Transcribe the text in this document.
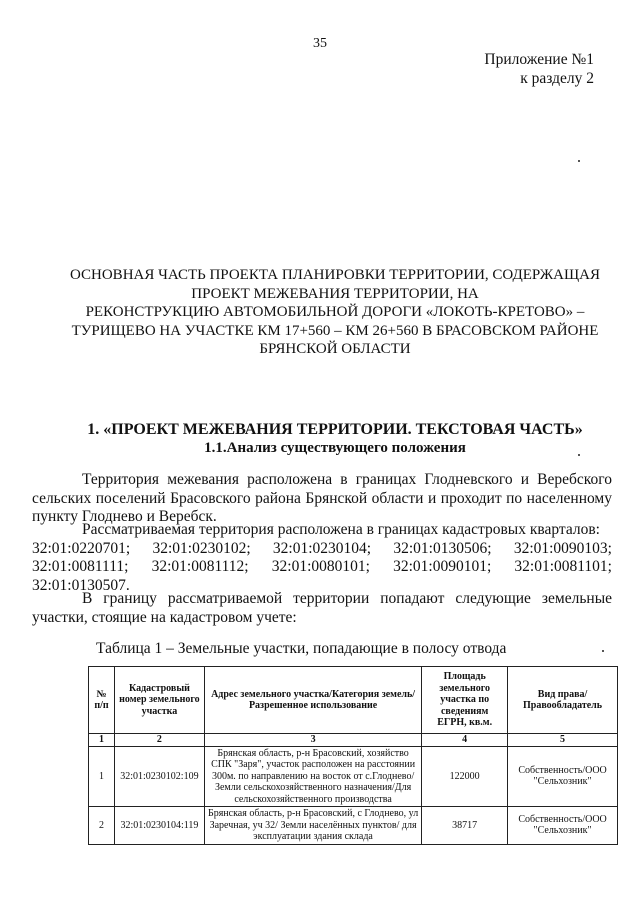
35
Приложение №1
к разделу 2
ОСНОВНАЯ ЧАСТЬ ПРОЕКТА ПЛАНИРОВКИ ТЕРРИТОРИИ, СОДЕРЖАЩАЯ
ПРОЕКТ МЕЖЕВАНИЯ ТЕРРИТОРИИ, НА
РЕКОНСТРУКЦИЮ АВТОМОБИЛЬНОЙ ДОРОГИ «ЛОКОТЬ-КРЕТОВО» –
ТУРИЩЕВО НА УЧАСТКЕ КМ 17+560 – КМ 26+560 В БРАСОВСКОМ РАЙОНЕ
БРЯНСКОЙ ОБЛАСТИ
1. «ПРОЕКТ МЕЖЕВАНИЯ ТЕРРИТОРИИ. ТЕКСТОВАЯ ЧАСТЬ»
1.1.Анализ существующего положения
Территория межевания расположена в границах Глодневского и Веребского сельских поселений Брасовского района Брянской области и проходит по населенному пункту Глоднево и Веребск.
Рассматриваемая территория расположена в границах кадастровых кварталов:
32:01:0220701; 32:01:0230102; 32:01:0230104; 32:01:0130506; 32:01:0090103;
32:01:0081111; 32:01:0081112; 32:01:0080101; 32:01:0090101; 32:01:0081101;
32:01:0130507.
В границу рассматриваемой территории попадают следующие земельные участки, стоящие на кадастровом учете:
Таблица 1 – Земельные участки, попадающие в полосу отвода
№ п/п	Кадастровый номер земельного участка	Адрес земельного участка/Категория земель/Разрешенное использование	Площадь земельного участка по сведениям ЕГРН, кв.м.	Вид права/ Правообладатель
1	2	3	4	5
1	32:01:0230102:109	Брянская область, р-н Брасовский, хозяйство СПК "Заря", участок расположен на расстоянии 300м. по направлению на восток от с.Глоднево/Земли сельскохозяйственного назначения/Для сельскохозяйственного производства	122000	Собственность/ООО "Сельхозник"
2	32:01:0230104:119	Брянская область, р-н Брасовский, с Глоднево, ул Заречная, уч 32/ Земли населённых пунктов/ для эксплуатации здания склада	38717	Собственность/ООО "Сельхозник"
